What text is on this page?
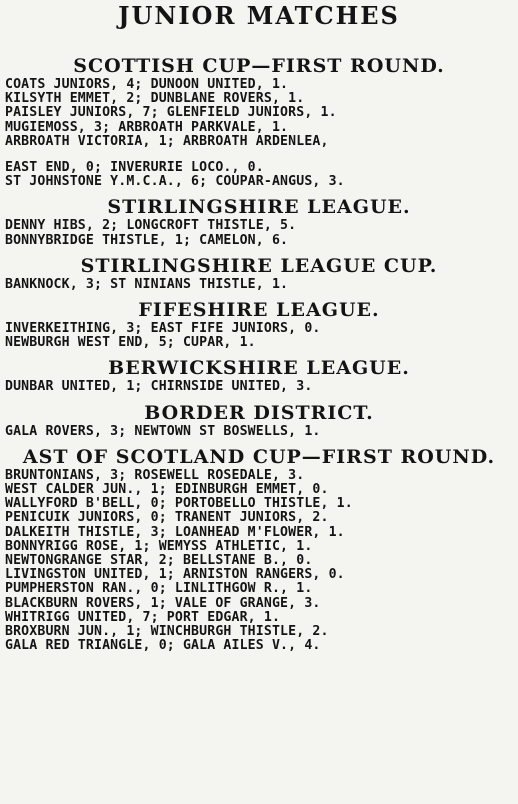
JUNIOR MATCHES
SCOTTISH CUP—FIRST ROUND.
COATS JUNIORS, 4; DUNOON UNITED, 1.
KILSYTH EMMET, 2; DUNBLANE ROVERS, 1.
PAISLEY JUNIORS, 7; GLENFIELD JUNIORS, 1.
MUGIEMOSS, 3; ARBROATH PARKVALE, 1.
ARBROATH VICTORIA, 1; ARBROATH ARDENLEA,
EAST END, 0; INVERURIE LOCO., 0.
ST JOHNSTONE Y.M.C.A., 6; COUPAR-ANGUS, 3.
STIRLINGSHIRE LEAGUE.
DENNY HIBS, 2; LONGCROFT THISTLE, 5.
BONNYBRIDGE THISTLE, 1; CAMELON, 6.
STIRLINGSHIRE LEAGUE CUP.
BANKNOCK, 3; ST NINIANS THISTLE, 1.
FIFESHIRE LEAGUE.
INVERKEITHING, 3; EAST FIFE JUNIORS, 0.
NEWBURGH WEST END, 5; CUPAR, 1.
BERWICKSHIRE LEAGUE.
DUNBAR UNITED, 1; CHIRNSIDE UNITED, 3.
BORDER DISTRICT.
GALA ROVERS, 3; NEWTOWN ST BOSWELLS, 1.
AST OF SCOTLAND CUP—FIRST ROUND.
BRUNTONIANS, 3; ROSEWELL ROSEDALE, 3.
WEST CALDER JUN., 1; EDINBURGH EMMET, 0.
WALLYFORD B'BELL, 0; PORTOBELLO THISTLE, 1.
PENICUIK JUNIORS, 0; TRANENT JUNIORS, 2.
DALKEITH THISTLE, 3; LOANHEAD M'FLOWER, 1.
BONNYRIGG ROSE, 1; WEMYSS ATHLETIC, 1.
NEWTONGRANGE STAR, 2; BELLSTANE B., 0.
LIVINGSTON UNITED, 1; ARNISTON RANGERS, 0.
PUMPHERSTON RAN., 0; LINLITHGOW R., 1.
BLACKBURN ROVERS, 1; VALE OF GRANGE, 3.
WHITRIGG UNITED, 7; PORT EDGAR, 1.
BROXBURN JUN., 1; WINCHBURGH THISTLE, 2.
GALA RED TRIANGLE, 0; GALA AILES V., 4.
